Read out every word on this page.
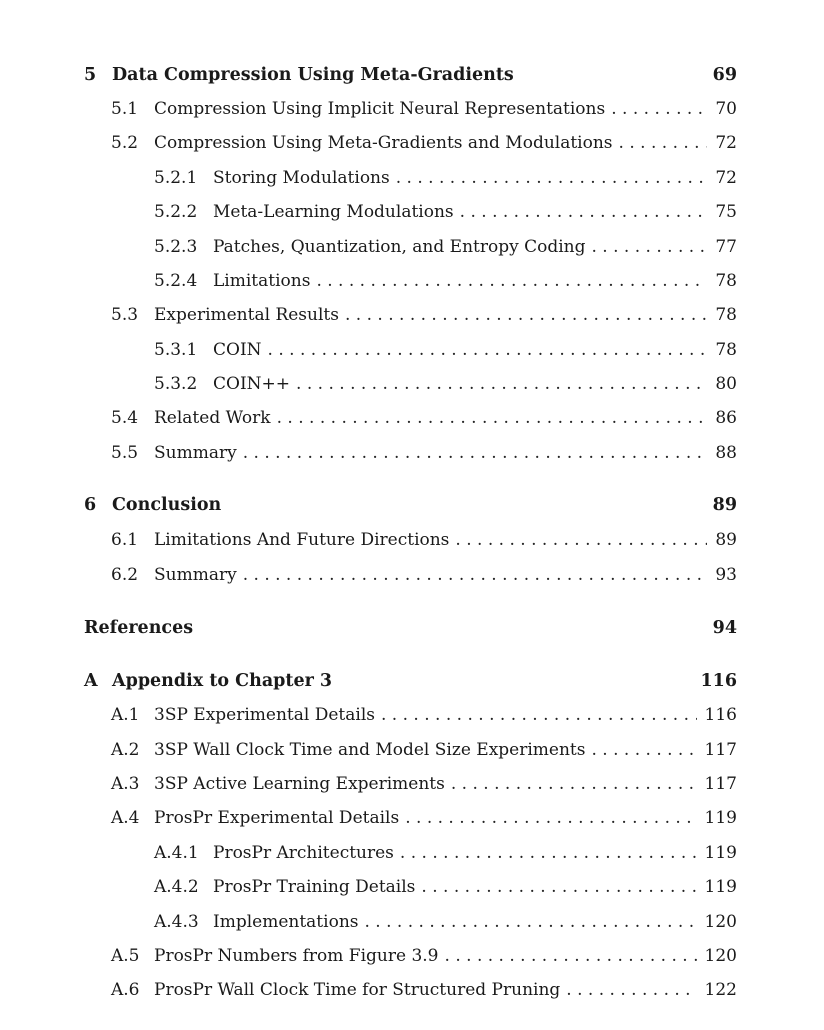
5 Data Compression Using Meta-Gradients	69
5.1 Compression Using Implicit Neural Representations . . .	70
5.2 Compression Using Meta-Gradients and Modulations . . .	72
5.2.1 Storing Modulations . . .	72
5.2.2 Meta-Learning Modulations . . .	75
5.2.3 Patches, Quantization, and Entropy Coding . . .	77
5.2.4 Limitations . . .	78
5.3 Experimental Results . . .	78
5.3.1 COIN . . .	78
5.3.2 COIN++ . . .	80
5.4 Related Work . . .	86
5.5 Summary . . .	88
6 Conclusion	89
6.1 Limitations And Future Directions . . .	89
6.2 Summary . . .	93
References	94
A Appendix to Chapter 3	116
A.1 3SP Experimental Details . . .	116
A.2 3SP Wall Clock Time and Model Size Experiments . . .	117
A.3 3SP Active Learning Experiments . . .	117
A.4 ProsPr Experimental Details . . .	119
A.4.1 ProsPr Architectures . . .	119
A.4.2 ProsPr Training Details . . .	119
A.4.3 Implementations . . .	120
A.5 ProsPr Numbers from Figure 3.9 . . .	120
A.6 ProsPr Wall Clock Time for Structured Pruning . . .	122
